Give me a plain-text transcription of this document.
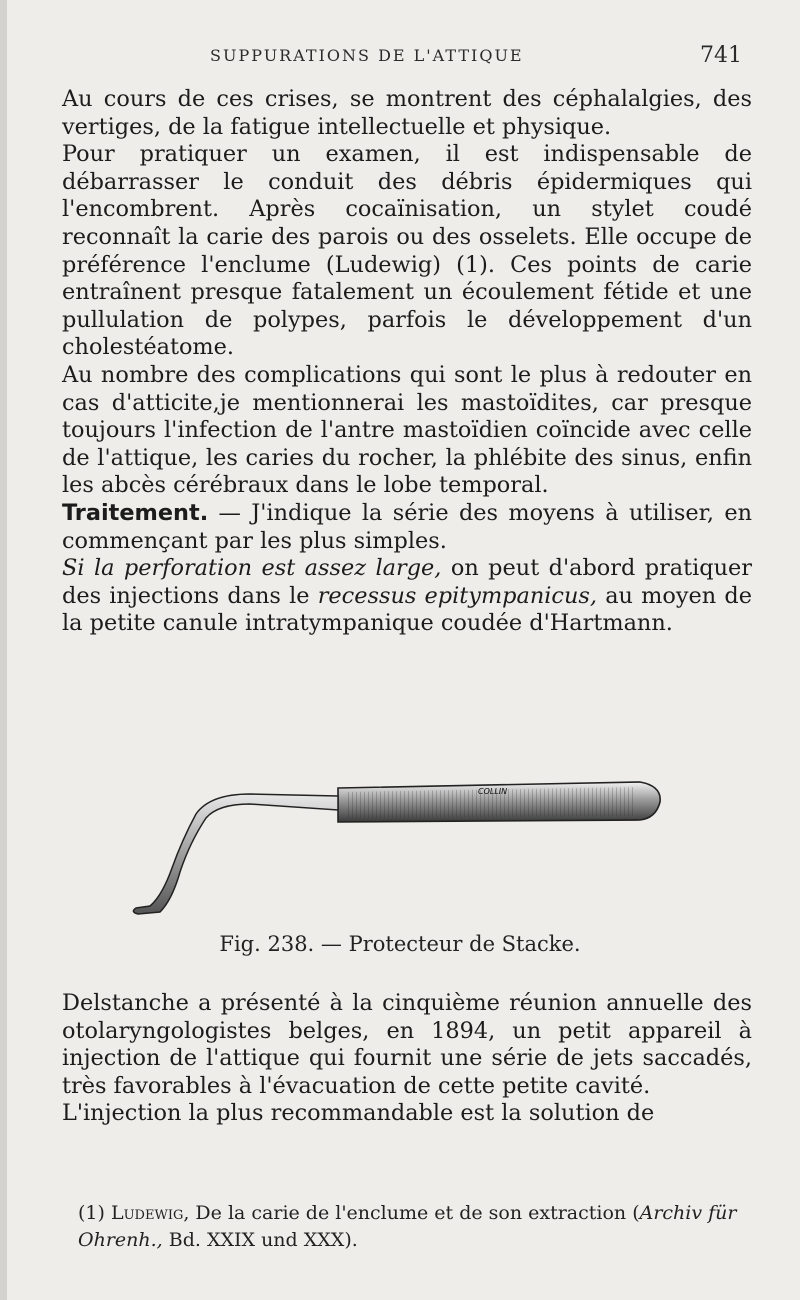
SUPPURATIONS DE L'ATTIQUE	741

Au cours de ces crises, se montrent des céphalalgies, des vertiges, de la fatigue intellectuelle et physique.

Pour pratiquer un examen, il est indispensable de débarrasser le conduit des débris épidermiques qui l'encombrent. Après cocaïnisation, un stylet coudé reconnaît la carie des parois ou des osselets. Elle occupe de préférence l'enclume (Ludewig) (1). Ces points de carie entraînent presque fatalement un écoulement fétide et une pullulation de polypes, parfois le développement d'un cholestéatome.

Au nombre des complications qui sont le plus à redouter en cas d'atticite,je mentionnerai les mastoïdites, car presque toujours l'infection de l'antre mastoïdien coïncide avec celle de l'attique, les caries du rocher, la phlébite des sinus, enfin les abcès cérébraux dans le lobe temporal.

Traitement. — J'indique la série des moyens à utiliser, en commençant par les plus simples.

Si la perforation est assez large, on peut d'abord pratiquer des injections dans le recessus epitympanicus, au moyen de la petite canule intratympanique coudée d'Hartmann.

COLLIN
Fig. 238. — Protecteur de Stacke.

Delstanche a présenté à la cinquième réunion annuelle des otolaryngologistes belges, en 1894, un petit appareil à injection de l'attique qui fournit une série de jets saccadés, très favorables à l'évacuation de cette petite cavité.

L'injection la plus recommandable est la solution de

(1) Ludewig, De la carie de l'enclume et de son extraction (Archiv für Ohrenh., Bd. XXIX und XXX).
